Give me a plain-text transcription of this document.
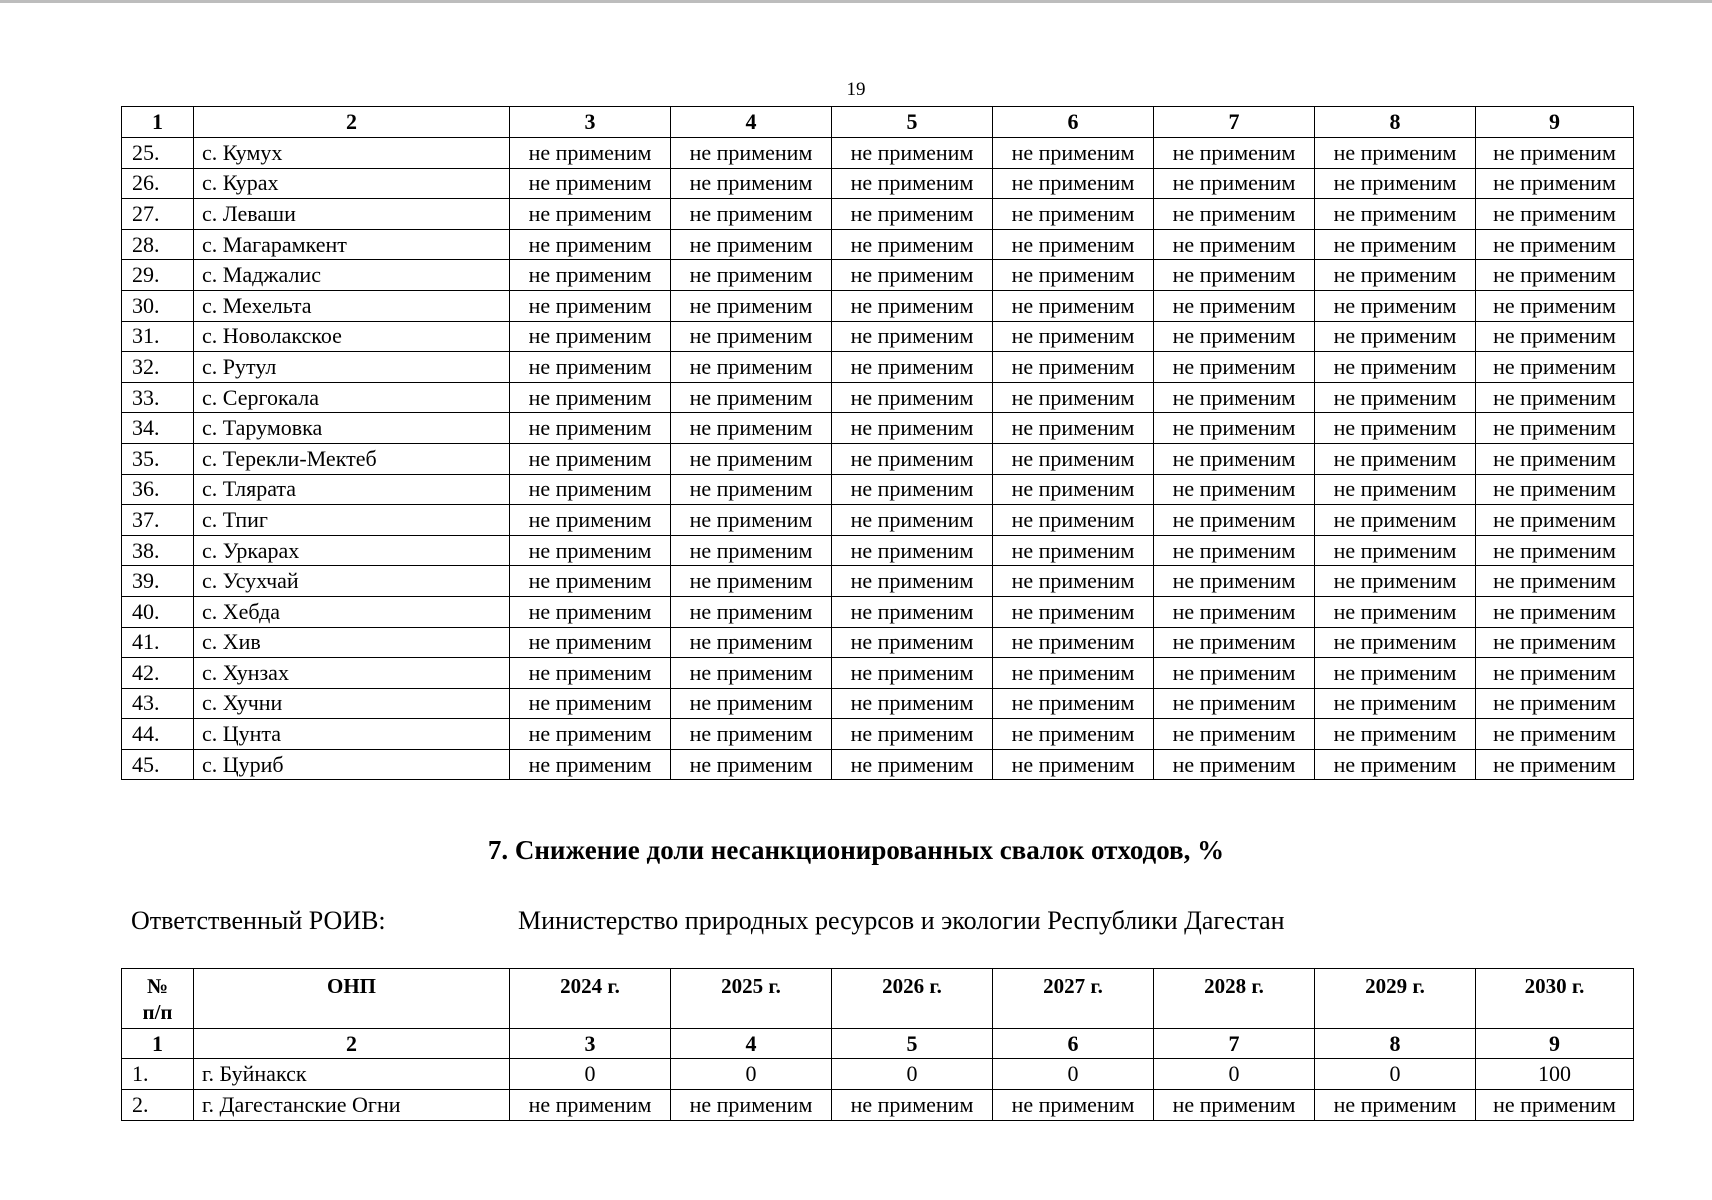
19
1	2	3	4	5	6	7	8	9
25.	с. Кумух	не применим	не применим	не применим	не применим	не применим	не применим	не применим
26.	с. Курах	не применим	не применим	не применим	не применим	не применим	не применим	не применим
27.	с. Леваши	не применим	не применим	не применим	не применим	не применим	не применим	не применим
28.	с. Магарамкент	не применим	не применим	не применим	не применим	не применим	не применим	не применим
29.	с. Маджалис	не применим	не применим	не применим	не применим	не применим	не применим	не применим
30.	с. Мехельта	не применим	не применим	не применим	не применим	не применим	не применим	не применим
31.	с. Новолакское	не применим	не применим	не применим	не применим	не применим	не применим	не применим
32.	с. Рутул	не применим	не применим	не применим	не применим	не применим	не применим	не применим
33.	с. Сергокала	не применим	не применим	не применим	не применим	не применим	не применим	не применим
34.	с. Тарумовка	не применим	не применим	не применим	не применим	не применим	не применим	не применим
35.	с. Терекли-Мектеб	не применим	не применим	не применим	не применим	не применим	не применим	не применим
36.	с. Тлярата	не применим	не применим	не применим	не применим	не применим	не применим	не применим
37.	с. Тпиг	не применим	не применим	не применим	не применим	не применим	не применим	не применим
38.	с. Уркарах	не применим	не применим	не применим	не применим	не применим	не применим	не применим
39.	с. Усухчай	не применим	не применим	не применим	не применим	не применим	не применим	не применим
40.	с. Хебда	не применим	не применим	не применим	не применим	не применим	не применим	не применим
41.	с. Хив	не применим	не применим	не применим	не применим	не применим	не применим	не применим
42.	с. Хунзах	не применим	не применим	не применим	не применим	не применим	не применим	не применим
43.	с. Хучни	не применим	не применим	не применим	не применим	не применим	не применим	не применим
44.	с. Цунта	не применим	не применим	не применим	не применим	не применим	не применим	не применим
45.	с. Цуриб	не применим	не применим	не применим	не применим	не применим	не применим	не применим
7. Снижение доли несанкционированных свалок отходов, %
Ответственный РОИВ:	Министерство природных ресурсов и экологии Республики Дагестан
№
п/п	ОНП	2024 г.	2025 г.	2026 г.	2027 г.	2028 г.	2029 г.	2030 г.
1	2	3	4	5	6	7	8	9
1.	г. Буйнакск	0	0	0	0	0	0	100
2.	г. Дагестанские Огни	не применим	не применим	не применим	не применим	не применим	не применим	не применим
